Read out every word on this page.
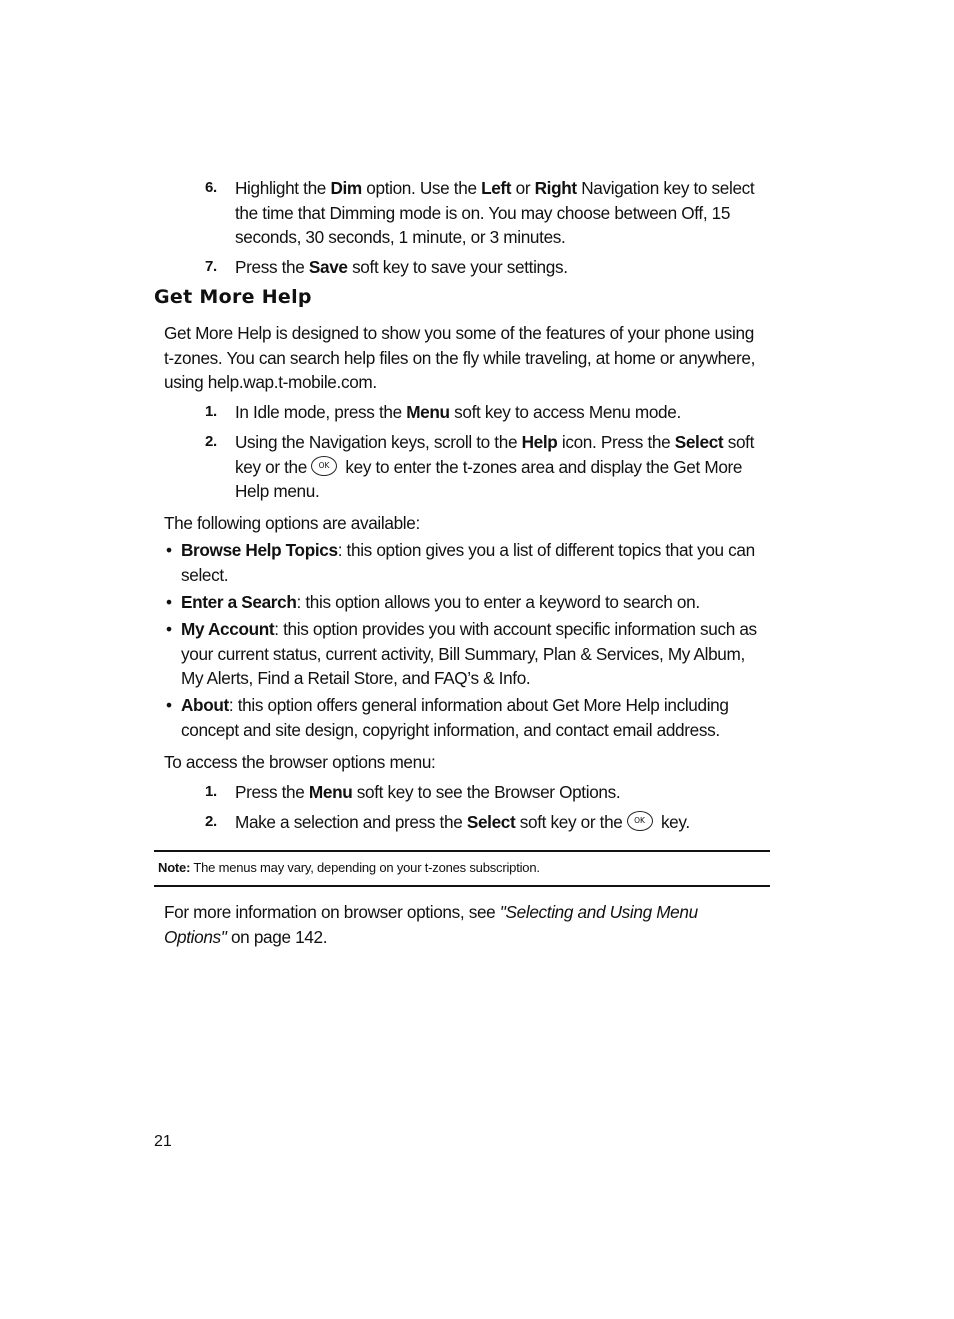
6. Highlight the Dim option. Use the Left or Right Navigation key to select the time that Dimming mode is on. You may choose between Off, 15 seconds, 30 seconds, 1 minute, or 3 minutes.
7. Press the Save soft key to save your settings.
Get More Help
Get More Help is designed to show you some of the features of your phone using t-zones. You can search help files on the fly while traveling, at home or anywhere, using help.wap.t-mobile.com.
1. In Idle mode, press the Menu soft key to access Menu mode.
2. Using the Navigation keys, scroll to the Help icon. Press the Select soft key or the OK key to enter the t-zones area and display the Get More Help menu.
The following options are available:
• Browse Help Topics: this option gives you a list of different topics that you can select.
• Enter a Search: this option allows you to enter a keyword to search on.
• My Account: this option provides you with account specific information such as your current status, current activity, Bill Summary, Plan & Services, My Album, My Alerts, Find a Retail Store, and FAQ’s & Info.
• About: this option offers general information about Get More Help including concept and site design, copyright information, and contact email address.
To access the browser options menu:
1. Press the Menu soft key to see the Browser Options.
2. Make a selection and press the Select soft key or the OK key.
Note: The menus may vary, depending on your t-zones subscription.
For more information on browser options, see "Selecting and Using Menu Options" on page 142.
21
